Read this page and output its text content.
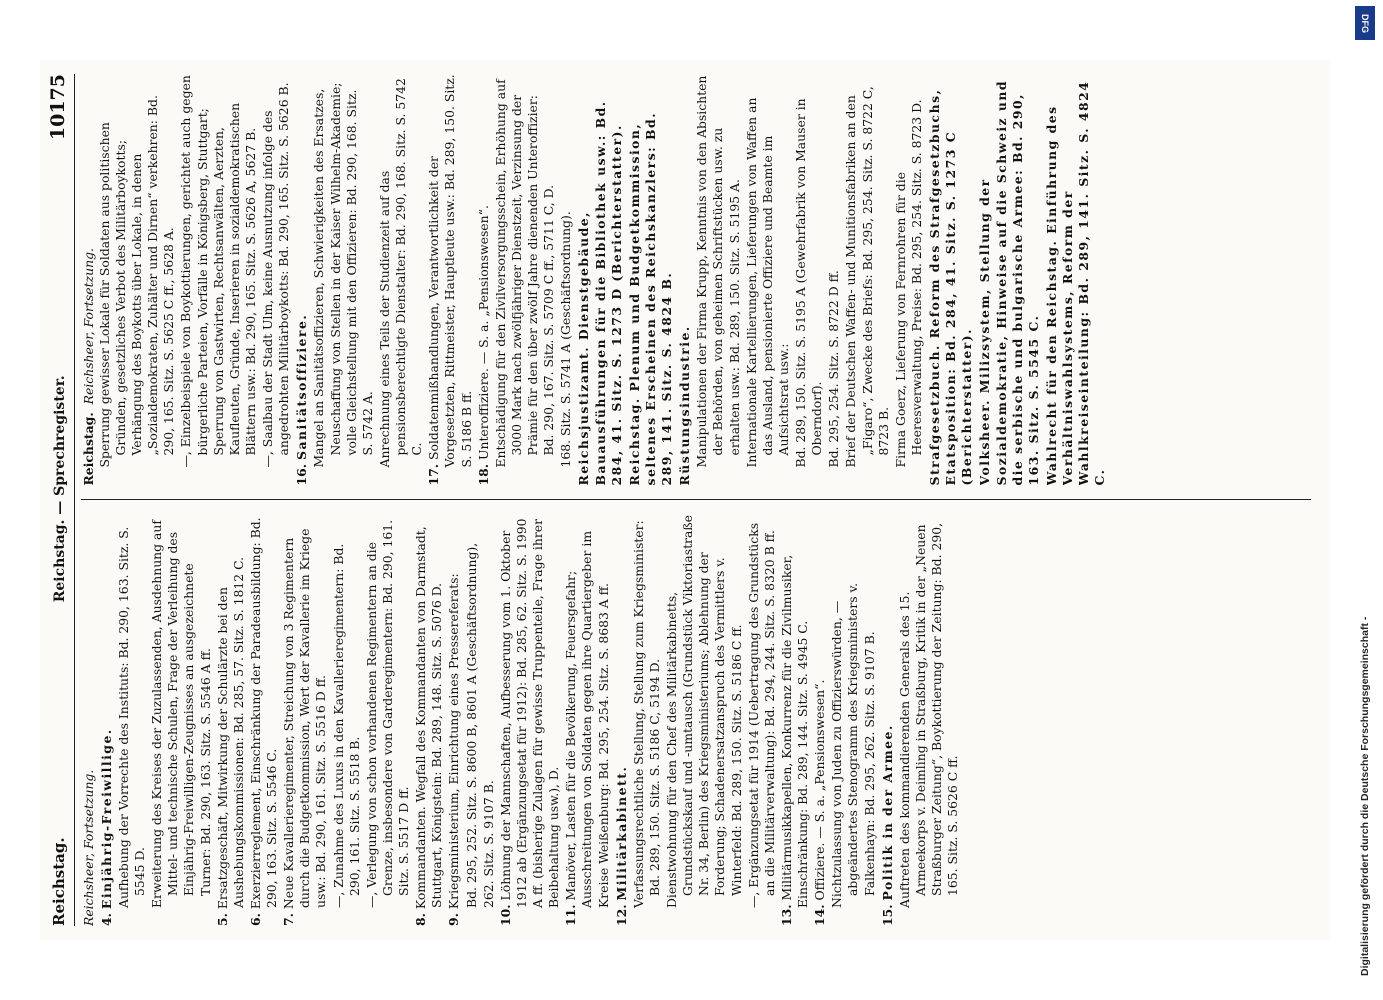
Reichstag.
Reichstag. — Sprechregister.
10175
Reichsheer, Fortsetzung. 4. Einjährig-Freiwillige. Aufhebung der Vorrechte des Instituts: Bd. 290, 163. Sitz. S. 5545 D. Erweiterung des Kreises der Zuzulassenden, Ausdehnung auf Mittel- und technische Schulen, Frage der Verleihung des Einjährig-Freiwilligen-Zeugnisses an ausgezeichnete Turner: Bd. 290, 163. Sitz. S. 5546 A ff.
5. Ersatzgeschäft, Mitwirkung der Schulärzte bei den Aushebungskommissionen: Bd. 285, 57. Sitz. S. 1812 C.
6. Exerzierreglement, Einschränkung der Paradeausbildung: Bd. 290, 163. Sitz. S. 5546 C.
7. Neue Kavallerieregimenter, Streichung von 3 Regimentern durch die Budgetkommission, Wert der Kavallerie im Kriege usw.: Bd. 290, 161. Sitz. S. 5516 D ff. —, Zunahme des Luxus in den Kavallerieregimentern: Bd. 290, 161. Sitz. S. 5518 B. —, Verlegung von schon vorhandenen Regimentern an die Grenze, insbesondere von Garderegimentern: Bd. 290, 161. Sitz. S. 5517 D ff.
8. Kommandanten. Wegfall des Kommandanten von Darmstadt, Stuttgart, Königstein: Bd. 289, 148. Sitz. S. 5076 D.
9. Kriegsministerium, Einrichtung eines Pressereferats: Bd. 295, 252. Sitz. S. 8600 B, 8601 A (Geschäftsordnung), 262. Sitz. S. 9107 B.
10. Löhnung der Mannschaften, Aufbesserung vom 1. Oktober 1912 ab (Ergänzungsetat für 1912): Bd. 285, 62. Sitz. S. 1990 A ff. (bisherige Zulagen für gewisse Truppenteile, Frage ihrer Beibehaltung usw.), D.
11. Manöver, Lasten für die Bevölkerung, Feuersgefahr; Ausschreitungen von Soldaten gegen ihre Quartiergeber im Kreise Weißenburg: Bd. 295, 254. Sitz. S. 8683 A ff.
12. Militärkabinett. Verfassungsrechtliche Stellung, Stellung zum Kriegsminister: Bd. 289, 150. Sitz. S. 5186 C, 5194 D. Dienstwohnung für den Chef des Militärkabinetts, Grundstückskauf und -umtausch (Grundstück Viktoriastraße Nr. 34, Berlin) des Kriegsministeriums; Ablehnung der Forderung; Schadenersatzanspruch des Vermittlers v. Winterfeld: Bd. 289, 150. Sitz. S. 5186 C ff. —, Ergänzungsetat für 1914 (Uebertragung des Grundstücks an die Militärverwaltung): Bd. 294, 244. Sitz. S. 8320 B ff.
13. Militärmusikkapellen, Konkurrenz für die Zivilmusiker, Einschränkung: Bd. 289, 144. Sitz. S. 4945 C.
14. Offiziere. — S. a. „Pensionswesen“. Nichtzulassung von Juden zu Offizierswürden, — abgeändertes Stenogramm des Kriegsministers v. Falkenhayn: Bd. 295, 262. Sitz. S. 9107 B.
15. Politik in der Armee. Auftreten des kommandierenden Generals des 15. Armeekorps v. Deimling in Straßburg, Kritik in der „Neuen Straßburger Zeitung“, Boykottierung der Zeitung: Bd. 290, 165. Sitz. S. 5626 C ff.
Reichstag.
Reichsheer, Fortsetzung. Sperrung gewisser Lokale für Soldaten aus politischen Gründen, gesetzliches Verbot des Militärboykotts; Verhängung des Boykotts über Lokale, in denen „Sozialdemokraten, Zuhälter und Dirnen“ verkehren: Bd. 290, 165. Sitz. S. 5625 C ff., 5628 A. —, Einzelbeispiele von Boykottierungen, gerichtet auch gegen bürgerliche Parteien, Vorfälle in Königsberg, Stuttgart; Sperrung von Gastwirten, Rechtsanwälten, Aerzten, Kaufleuten, Gründe, Inserieren in sozialdemokratischen Blättern usw.: Bd. 290, 165. Sitz. S. 5626 A, 5627 B. —, Saalbau der Stadt Ulm, keine Ausnutzung infolge des angedrohten Militärboykotts: Bd. 290, 165. Sitz. S. 5626 B.
16. Sanitätsoffiziere. Mangel an Sanitätsoffizieren, Schwierigkeiten des Ersatzes, Neuschaffung von Stellen in der Kaiser Wilhelm-Akademie; volle Gleichstellung mit den Offizieren: Bd. 290, 168. Sitz. S. 5742 A. Anrechnung eines Teils der Studienzeit auf das pensionsberechtigte Dienstalter: Bd. 290, 168. Sitz. S. 5742 C.
17. Soldatenmißhandlungen, Verantwortlichkeit der Vorgesetzten, Rittmeister, Hauptleute usw.: Bd. 289, 150. Sitz. S. 5186 B ff.
18. Unteroffiziere. — S. a. „Pensionswesen“. Entschädigung für den Zivilversorgungsschein, Erhöhung auf 3000 Mark nach zwölfjähriger Dienstzeit, Verzinsung der Prämie für den über zwölf Jahre dienenden Unteroffizier: Bd. 290, 167. Sitz. S. 5709 C ff., 5711 C, D. 168. Sitz. S. 5741 A (Geschäftsordnung). Reichsjustizamt. Dienstgebäude, Bauausführungen für die Bibliothek usw.: Bd. 284, 41. Sitz. S. 1273 D (Berichterstatter). Reichstag. Plenum und Budgetkommission, seltenes Erscheinen des Reichskanzlers: Bd. 289, 141. Sitz. S. 4824 B. Rüstungsindustrie. Manipulationen der Firma Krupp, Kenntnis von den Absichten der Behörden, von geheimen Schriftstücken usw. zu erhalten usw.: Bd. 289, 150. Sitz. S. 5195 A. Internationale Kartellierungen, Lieferungen von Waffen an das Ausland, pensionierte Offiziere und Beamte im Aufsichtsrat usw.: Bd. 289, 150. Sitz. S. 5195 A (Gewehrfabrik von Mauser in Oberndorf). Bd. 295, 254. Sitz. S. 8722 D ff. Brief der Deutschen Waffen- und Munitionsfabriken an den „Figaro“, Zwecke des Briefs: Bd. 295, 254. Sitz. S. 8722 C, 8723 B. Firma Goerz, Lieferung von Fernrohren für die Heeresverwaltung, Preise: Bd. 295, 254. Sitz. S. 8723 D. Strafgesetzbuch. Reform des Strafgesetzbuchs, Etatsposition: Bd. 284, 41. Sitz. S. 1273 C (Berichterstatter). Volksheer. Milizsystem, Stellung der Sozialdemokratie, Hinweise auf die Schweiz und die serbische und bulgarische Armee: Bd. 290, 163. Sitz. S. 5545 C. Wahlrecht für den Reichstag. Einführung des Verhältniswahlsystems, Reform der Wahlkreiseinteilung: Bd. 289, 141. Sitz. S. 4824 C.
DFG
Digitalisierung gefördert durch die Deutsche Forschungsgemeinschaft -
